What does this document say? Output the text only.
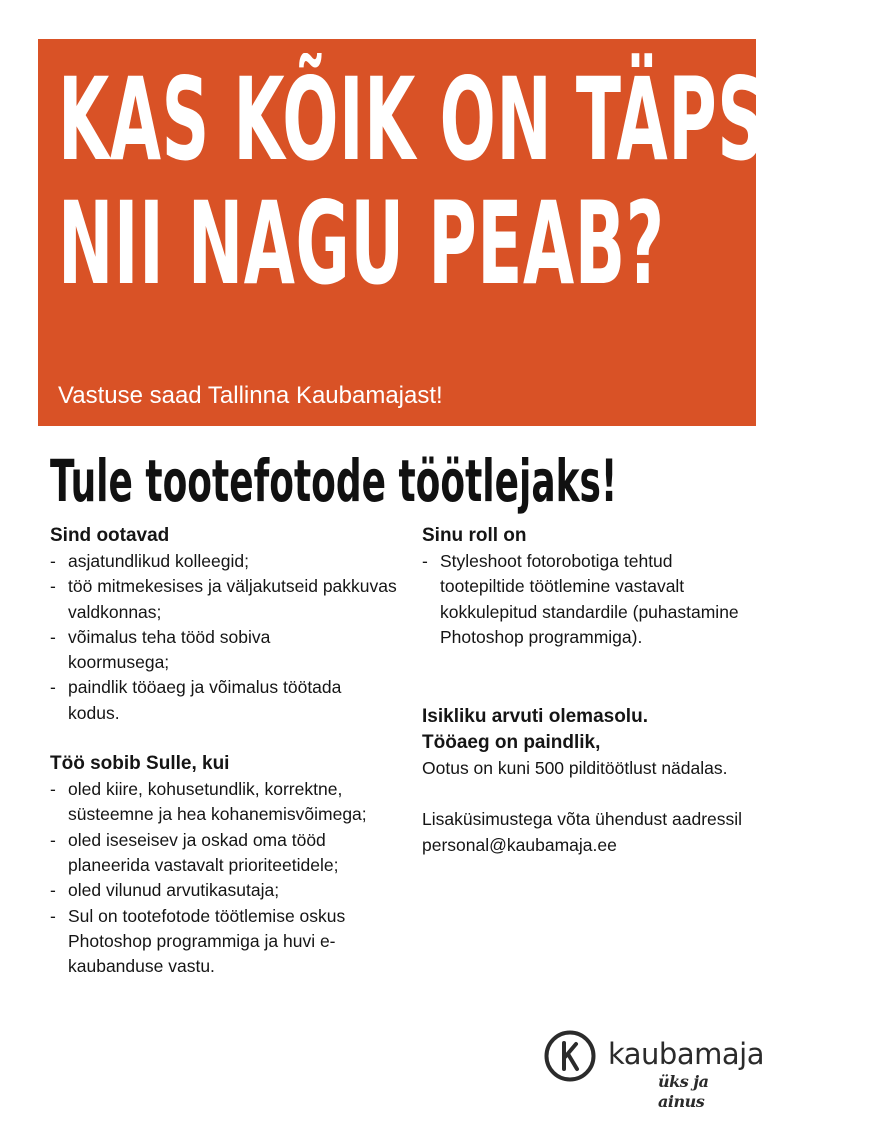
KAS KÕIK ON TÄPSELT
NII NAGU PEAB?
Vastuse saad Tallinna Kaubamajast!
Tule tootefotode töötlejaks!

Sind ootavad

- asjatundlikud kolleegid;
- töö mitmekesises ja väljakutseid pakkuvas valdkonnas;
- võimalus teha tööd sobiva koormusega;
- paindlik tööaeg ja võimalus töötada kodus.

Töö sobib Sulle, kui

- oled kiire, kohusetundlik, korrektne, süsteemne ja hea kohanemisvõimega;
- oled iseseisev ja oskad oma tööd planeerida vastavalt prioriteetidele;
- oled vilunud arvutikasutaja;
- Sul on tootefotode töötlemise oskus Photoshop programmiga ja huvi e-kaubanduse vastu.

Sinu roll on

- Styleshoot fotorobotiga tehtud tootepiltide töötlemine vastavalt kokkulepitud standardile (puhastamine Photoshop programmiga).

Isikliku arvuti olemasolu.

Tööaeg on paindlik,

Ootus on kuni 500 pilditöötlust nädalas.

Lisaküsimustega võta ühendust aadressil personal@kaubamaja.ee

kaubamaja
üks ja ainus
